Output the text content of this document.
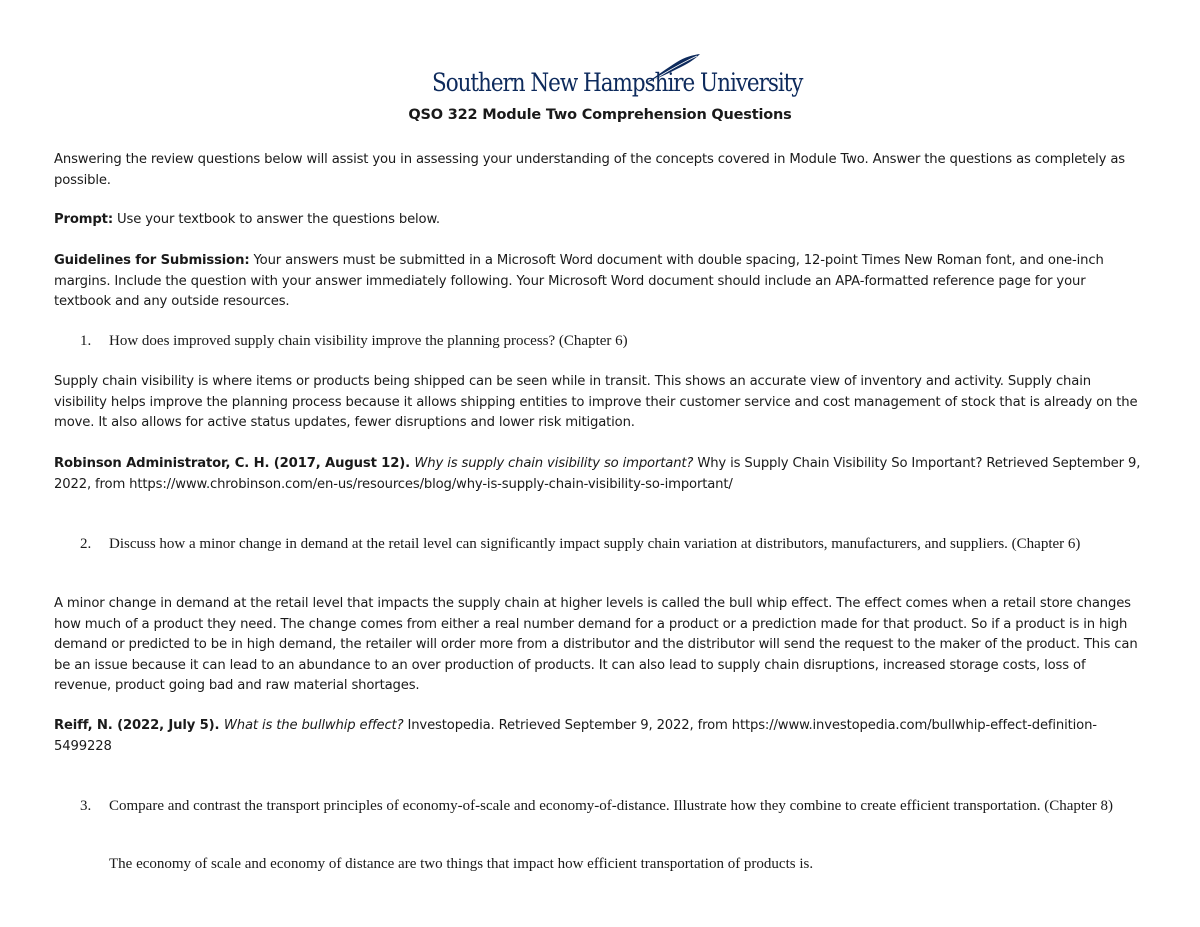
Southern New Hampshire University
QSO 322 Module Two Comprehension Questions
Answering the review questions below will assist you in assessing your understanding of the concepts covered in Module Two. Answer the questions as completely as possible.
Prompt: Use your textbook to answer the questions below.
Guidelines for Submission: Your answers must be submitted in a Microsoft Word document with double spacing, 12-point Times New Roman font, and one-inch margins. Include the question with your answer immediately following. Your Microsoft Word document should include an APA-formatted reference page for your textbook and any outside resources.
1. How does improved supply chain visibility improve the planning process? (Chapter 6)
Supply chain visibility is where items or products being shipped can be seen while in transit. This shows an accurate view of inventory and activity. Supply chain visibility helps improve the planning process because it allows shipping entities to improve their customer service and cost management of stock that is already on the move. It also allows for active status updates, fewer disruptions and lower risk mitigation.
Robinson Administrator, C. H. (2017, August 12). Why is supply chain visibility so important? Why is Supply Chain Visibility So Important? Retrieved September 9, 2022, from https://www.chrobinson.com/en-us/resources/blog/why-is-supply-chain-visibility-so-important/
2. Discuss how a minor change in demand at the retail level can significantly impact supply chain variation at distributors, manufacturers, and suppliers. (Chapter 6)
A minor change in demand at the retail level that impacts the supply chain at higher levels is called the bull whip effect. The effect comes when a retail store changes how much of a product they need. The change comes from either a real number demand for a product or a prediction made for that product. So if a product is in high demand or predicted to be in high demand, the retailer will order more from a distributor and the distributor will send the request to the maker of the product. This can be an issue because it can lead to an abundance to an over production of products. It can also lead to supply chain disruptions, increased storage costs, loss of revenue, product going bad and raw material shortages.
Reiff, N. (2022, July 5). What is the bullwhip effect? Investopedia. Retrieved September 9, 2022, from https://www.investopedia.com/bullwhip-effect-definition-5499228
3. Compare and contrast the transport principles of economy-of-scale and economy-of-distance. Illustrate how they combine to create efficient transportation. (Chapter 8)
The economy of scale and economy of distance are two things that impact how efficient transportation of products is.
